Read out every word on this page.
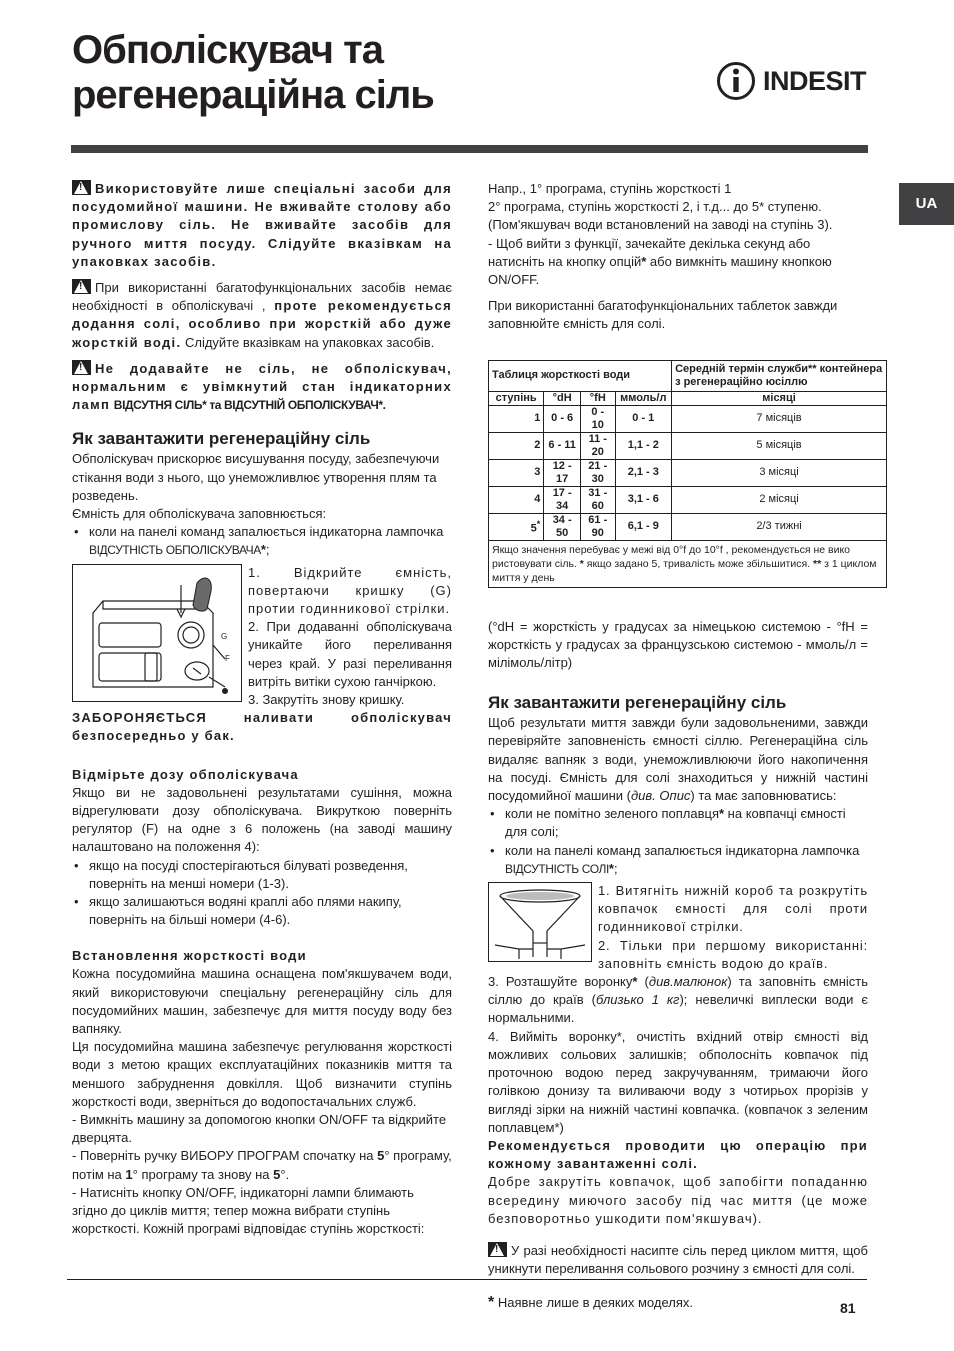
Обполіскувач та
регенераційна сіль	INDESIT
UA

!Використовуйте лише спеціальні засоби для посудомийної машини. Не вживайте столову або промислову сіль. Не вживайте засобів для ручного миття посуду. Слідуйте вказівкам на упаковках засобів.

!При використанні багатофункціональних засобів немає необхідності в обполіскувачі , проте рекомендується додання солі, особливо при жорсткій або дуже жорсткій воді. Слідуйте вказівкам на упаковках засобів.

!Не додавайте не сіль, не обполіскувач, нормальним є увімкнутий стан індикаторних ламп ВІДСУТНЯ СІЛЬ* та ВІДСУТНІЙ ОБПОЛІСКУВАЧ*.

Як завантажити регенераційну сіль

Обполіскувач прискорює висушування посуду, забезпечуючи стікання води з нього, що унеможливлює утворення плям та розведень.

Ємність для обполіскувача заповнюється:

• коли на панелі команд запалюється індикаторна лампочка
ВІДСУТНІСТЬ ОБПОЛІСКУВАЧА*;
G
F

1. Відкрийте ємність, повертаючи кришку (G) протии годинникової стрілки.

2. При додаванні обполіскувача уникайте його переливання через край. У разі переливання витріть витіки сухою ганчіркою.

3. Закрутіть знову кришку.

ЗАБОРОНЯЄТЬСЯ наливати обполіскувач безпосередньо у бак.

Відмірьте дозу обполіскувача

Якщо ви не задовольнені результатами сушіння, можна відрегулювати дозу обполіскувача. Викруткою поверніть регулятор (F) на одне з 6 положень (на заводі машину налаштовано на положення 4):

• якщо на посуді спостерігаються білуваті розведення, поверніть на менші номери (1-3).
• якщо залишаються водяні краплі або плями накипу, поверніть на більші номери (4-6).
Встановлення жорсткості води

Кожна посудомийна машина оснащена пом'якшувачем води, який використовуючи спеціальну регенераційну сіль для посудомийних машин, забезпечує для миття посуду воду без вапняку.

Ця посудомийна машина забезпечує регулювання жорсткості води з метою кращих експлуатаційних показників миття та меншого забруднення довкілля. Щоб визначити ступінь жорсткості води, зверніться до водопостачальних служб.

- Вимкніть машину за допомогою кнопки ON/OFF та відкрийте дверцята.

- Поверніть ручку ВИБОРУ ПРОГРАМ спочатку на 5° програму, потім на 1° програму та знову на 5°.

- Натисніть кнопку ON/OFF, індикаторні лампи блимають згідно до циклів миття; тепер можна вибрати ступінь жорсткості. Кожній програмі відповідає ступінь жорсткості:

Напр., 1° програма, ступінь жорсткості 1

2° програма, ступінь жорсткості 2, і т.д... до 5* ступеню.

(Пом'якшувач води встановлений на заводі на ступінь 3).

- Щоб вийти з функції, зачекайте декілька секунд або натисніть на кнопку опцій* або вимкніть машину кнопкою ON/OFF.

При використанні багатофункціональних таблеток завжди заповнюйте ємність для солі.

Таблиця жорсткості води				Середній термін служби** контейнера з регенераційно юсіллю
ступінь	°dH	°fH	ммоль/л	місяці
1	0 - 6	0 - 10	0 - 1	7 місяців
2	6 - 11	11 - 20	1,1 - 2	5 місяців
3	12 - 17	21 - 30	2,1 - 3	3 місяці
4	17 - 34	31 - 60	3,1 - 6	2 місяці
5*	34 - 50	61 - 90	6,1 - 9	2/3 тижні
Якщо значення перебуває у межі від 0°f до 10°f , рекомендується не вико ристовувати сіль. * якщо задано 5, тривалість може збільшитися. ** з 1 циклом миття у день				

(°dH = жорсткість у градусах за німецькою системою - °fH = жорсткість у градусах за французською системою - ммоль/л = мілімоль/літр)

Як завантажити регенераційну сіль

Щоб результати миття завжди були задовольненими, завжди перевіряйте заповненість ємності сіллю. Регенераційна сіль видаляє вапняк з води, унеможливлюючи його накопичення на посуді. Ємність для солі знаходиться у нижній частині посудомийної машини (див. Опис) та має заповнюватись:

• коли не помітно зеленого поплавця* на ковпачці ємності для солі;
• коли на панелі команд запалюється індикаторна лампочка
ВІДСУТНІСТЬ СОЛІ*;

1. Витягніть нижній короб та розкрутіть ковпачок ємності для солі проти годинникової стрілки.

2. Тільки при першому використанні: заповніть ємність водою до країв.

3. Розташуйте воронку* (див.малюнок) та заповніть ємність сіллю до країв (близько 1 кг); невеличкі виплески води є нормальними.

4. Вийміть воронку*, очистіть вхідний отвір ємності від можливих сольових залишків; обполосніть ковпачок під проточною водою перед закручуванням, тримаючи його голівкою донизу та виливаючи воду з чотирьох прорізів у вигляді зірки на нижній частині ковпачка. (ковпачок з зеленим поплавцем*)

Рекомендується проводити цю операцію при кожному завантаженні солі.

Добре закрутіть ковпачок, щоб запобігти попаданню всередину миючого засобу під час миття (це може безповоротньо ушкодити пом'якшувач).

!У разі необхідності насипте сіль перед циклом миття, щоб уникнути переливання сольового розчину з ємності для солі.

* Наявне лише в деяких моделях.	81
